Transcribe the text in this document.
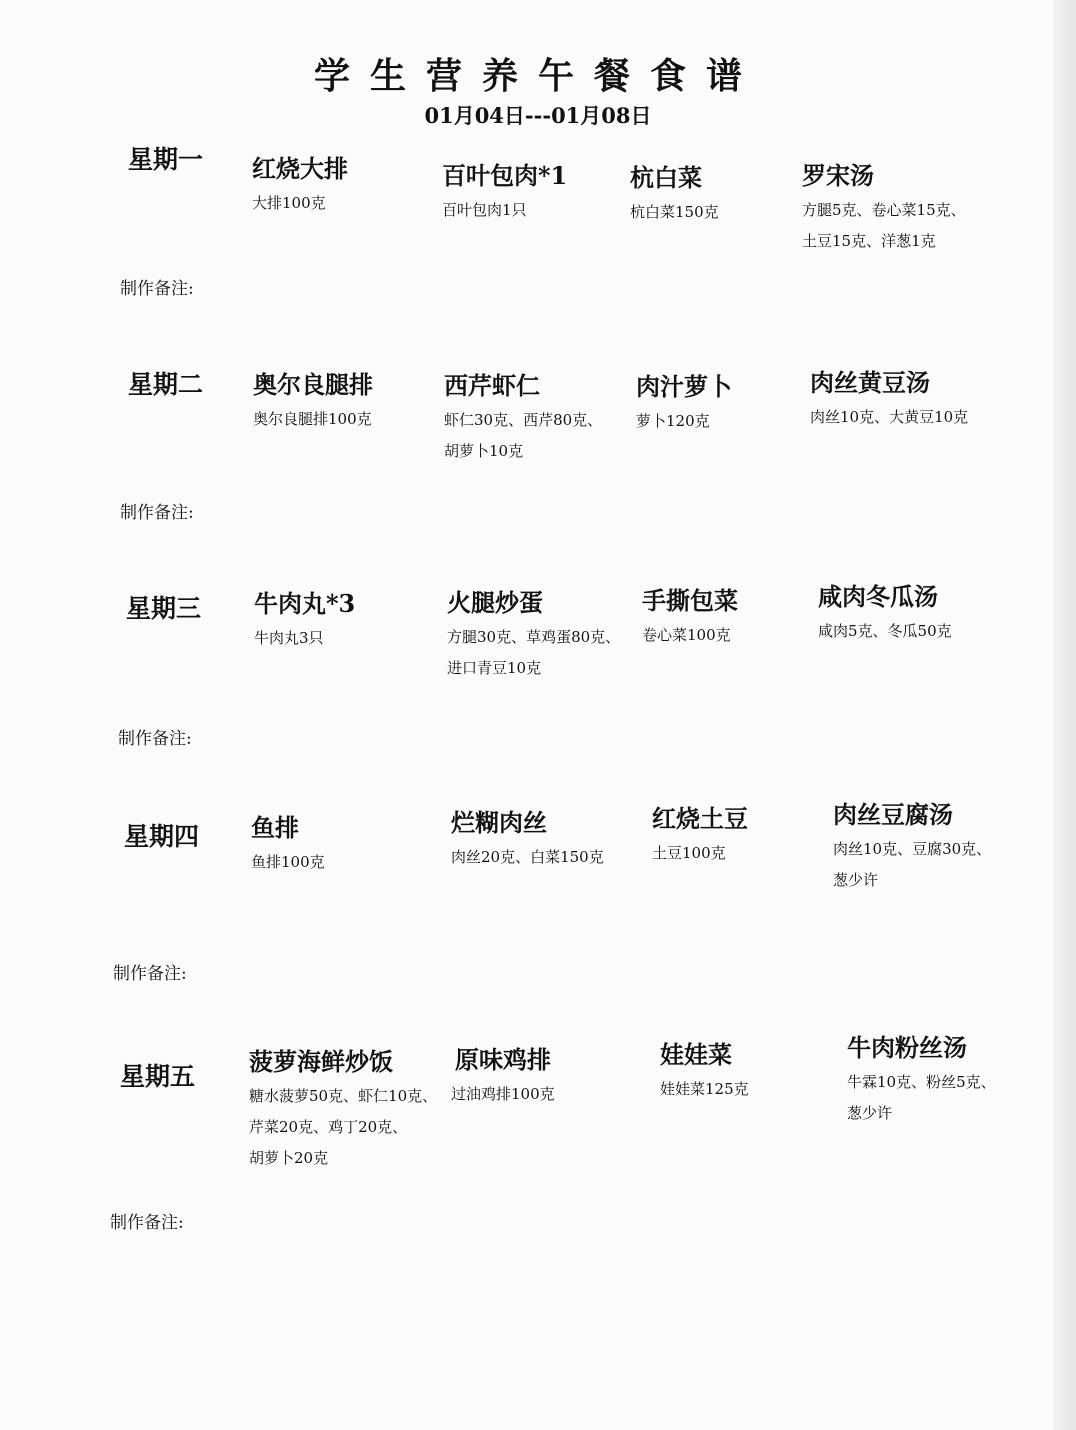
学生营养午餐食谱
01月04日---01月08日
星期一 红烧大排
大排100克
百叶包肉*1
百叶包肉1只
杭白菜
杭白菜150克
罗宋汤
方腿5克、卷心菜15克、
土豆15克、洋葱1克
制作备注:
星期二 奥尔良腿排
奥尔良腿排100克
西芹虾仁
虾仁30克、西芹80克、
胡萝卜10克
肉汁萝卜
萝卜120克
肉丝黄豆汤
肉丝10克、大黄豆10克
制作备注:
星期三 牛肉丸*3
牛肉丸3只
火腿炒蛋
方腿30克、草鸡蛋80克、
进口青豆10克
手撕包菜
卷心菜100克
咸肉冬瓜汤
咸肉5克、冬瓜50克
制作备注:
星期四 鱼排
鱼排100克
烂糊肉丝
肉丝20克、白菜150克
红烧土豆
土豆100克
肉丝豆腐汤
肉丝10克、豆腐30克、
葱少许
制作备注:
星期五
菠萝海鲜炒饭
糖水菠萝50克、虾仁10克、
芹菜20克、鸡丁20克、
胡萝卜20克
原味鸡排
过油鸡排100克
娃娃菜
娃娃菜125克
牛肉粉丝汤
牛霖10克、粉丝5克、
葱少许
制作备注:
